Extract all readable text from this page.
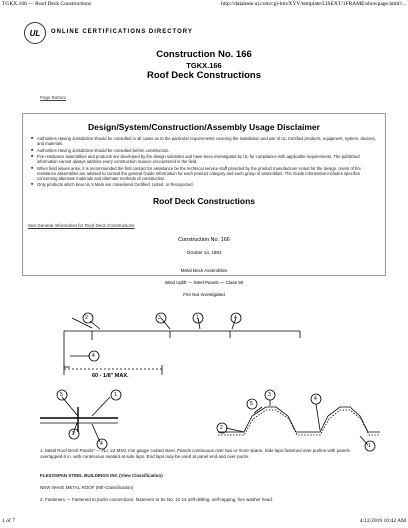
TGKX.166 — Roof Deck Constructions	http://database.ul.com/cgi-bin/XYV/template/LISEXT/1FRAME/showpage.html?...
UL ONLINE CERTIFICATIONS DIRECTORY
Construction No. 166
TGKX.166
Roof Deck Constructions
Page Bottom
Design/System/Construction/Assembly Usage Disclaimer
■ Authorities Having Jurisdiction should be consulted in all cases as to the particular requirements covering the installation and use of UL Certified products, equipment, system, devices, and materials.
■ Authorities Having Jurisdiction should be consulted before construction.
■ Fire resistance assemblies and products are developed by the design submitter and have been investigated by UL for compliance with applicable requirements. The published information cannot always address every construction nuance encountered in the field.
■ When field issues arise, it is recommended the first contact for assistance be the technical service staff provided by the product manufacturer noted for the design. Users of fire resistance assemblies are advised to consult the general Guide Information for each product category and each group of assemblies. The Guide Information includes specifics concerning alternate materials and alternate methods of construction.
■ Only products which bear UL's Mark are considered Certified. Listed, or Recognized.
Roof Deck Constructions
See General Information for Roof Deck Constructions
Construction No. 166
October 14, 1991
Metal Deck Assemblies
Wind Uplift — Steel Panels — Class 90
Fire Not Investigated
2	3	1	4
4
5
2
4
1
2
5
3
4
1
60 - 1/8" MAX.

1. Metal Roof Deck Panels* — No. 22 MSG min gauge coated steel. Panels continuous over two or more spans. Side laps fastened over purlins with panels overlapped 6 in. with continuous sealant at side laps. End laps may be used at panel end and over purlin.

FLEXOSPAN STEEL BUILDINGS INC (View Classification)

NEW WAVE METAL ROOF (Mfr-Classification)

2. Fasteners — Fastened to purlin connections, fasteners to be No. 12-14 self-drilling, self-tapping, hex washer head.

1 of 7	4/12/2019 10:42 AM
